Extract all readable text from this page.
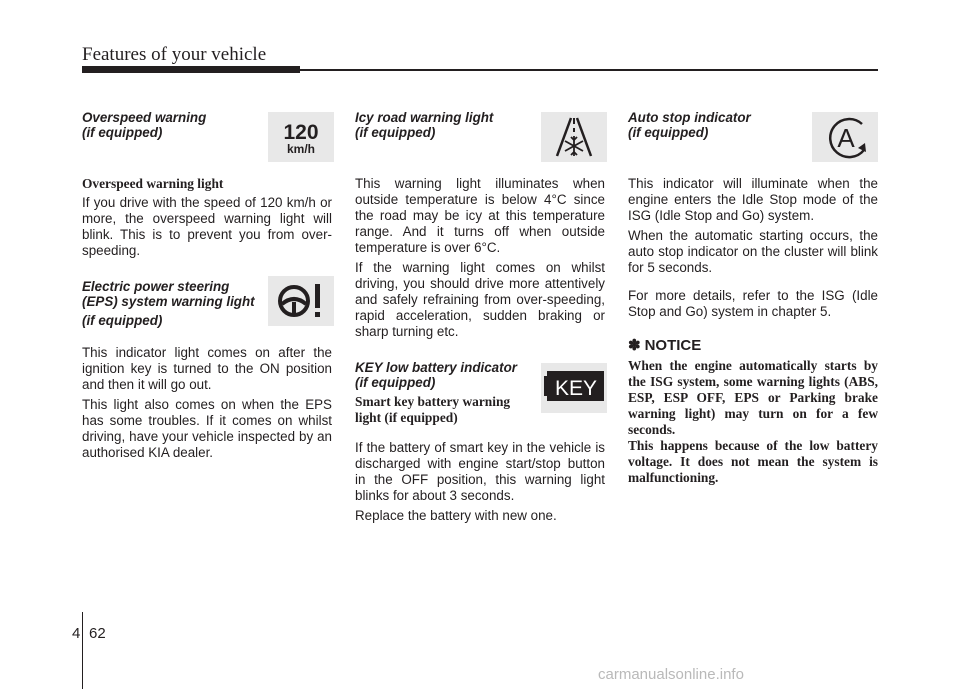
Features of your vehicle
Overspeed warning
(if equipped)	120
km/h
Overspeed warning light
If you drive with the speed of 120 km/h or more, the overspeed warning light will blink. This is to prevent you from over-speeding.
Electric power steering
(EPS) system warning light
(if equipped)
This indicator light comes on after the ignition key is turned to the ON position and then it will go out.
This light also comes on when the EPS has some troubles. If it comes on whilst driving, have your vehicle inspected by an authorised KIA dealer.
Icy road warning light
(if equipped)
This warning light illuminates when outside temperature is below 4°C since the road may be icy at this temperature range. And it turns off when outside temperature is over 6°C.
If the warning light comes on whilst driving, you should drive more attentively and safely refraining from over-speeding, rapid acceleration, sudden braking or sharp turning etc.
KEY low battery indicator
(if equipped)	KEY
Smart key battery warning
light (if equipped)
If the battery of smart key in the vehicle is discharged with engine start/stop button in the OFF position, this warning light blinks for about 3 seconds.
Replace the battery with new one.
Auto stop indicator
(if equipped)	A
This indicator will illuminate when the engine enters the Idle Stop mode of the ISG (Idle Stop and Go) system.
When the automatic starting occurs, the auto stop indicator on the cluster will blink for 5 seconds.
For more details, refer to the ISG (Idle Stop and Go) system in chapter 5.
✽ NOTICE
When the engine automatically starts by the ISG system, some warning lights (ABS, ESP, ESP OFF, EPS or Parking brake warning light) may turn on for a few seconds.
This happens because of the low battery voltage. It does not mean the system is malfunctioning.
4 62
carmanualsonline.info
